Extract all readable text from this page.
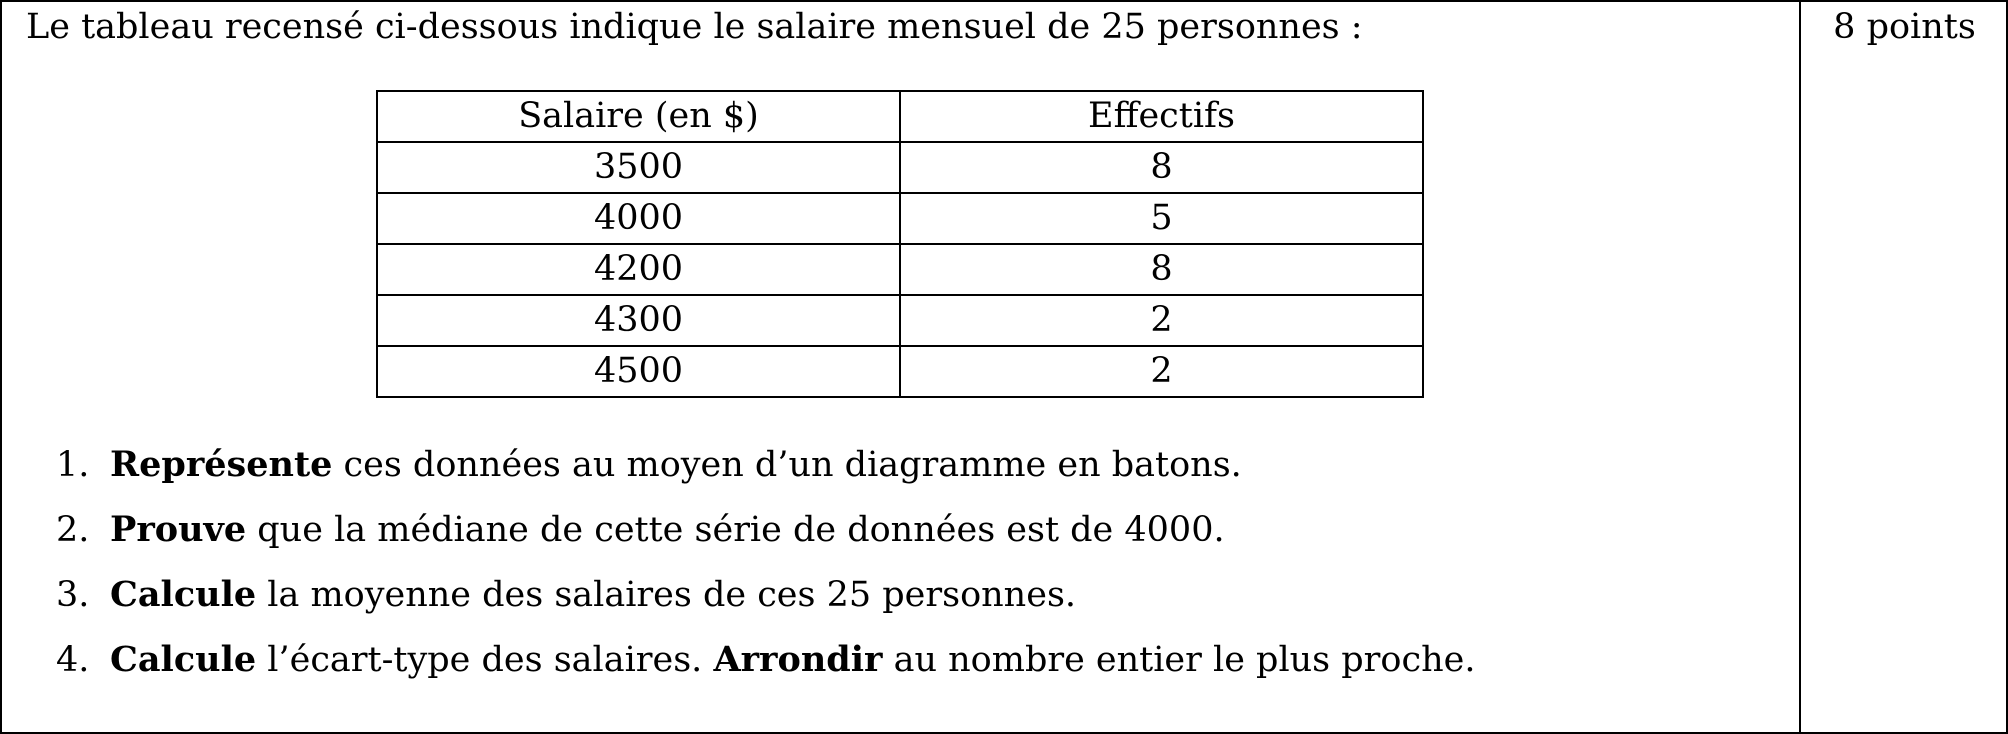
Le tableau recensé ci-dessous indique le salaire mensuel de 25 personnes :	8 points
Salaire (en $)	Effectifs
3500	8
4000	5
4200	8
4300	2
4500	2
1. Représente ces données au moyen d’un diagramme en batons.
2. Prouve que la médiane de cette série de données est de 4000.
3. Calcule la moyenne des salaires de ces 25 personnes.
4. Calcule l’écart-type des salaires. Arrondir au nombre entier le plus proche.
